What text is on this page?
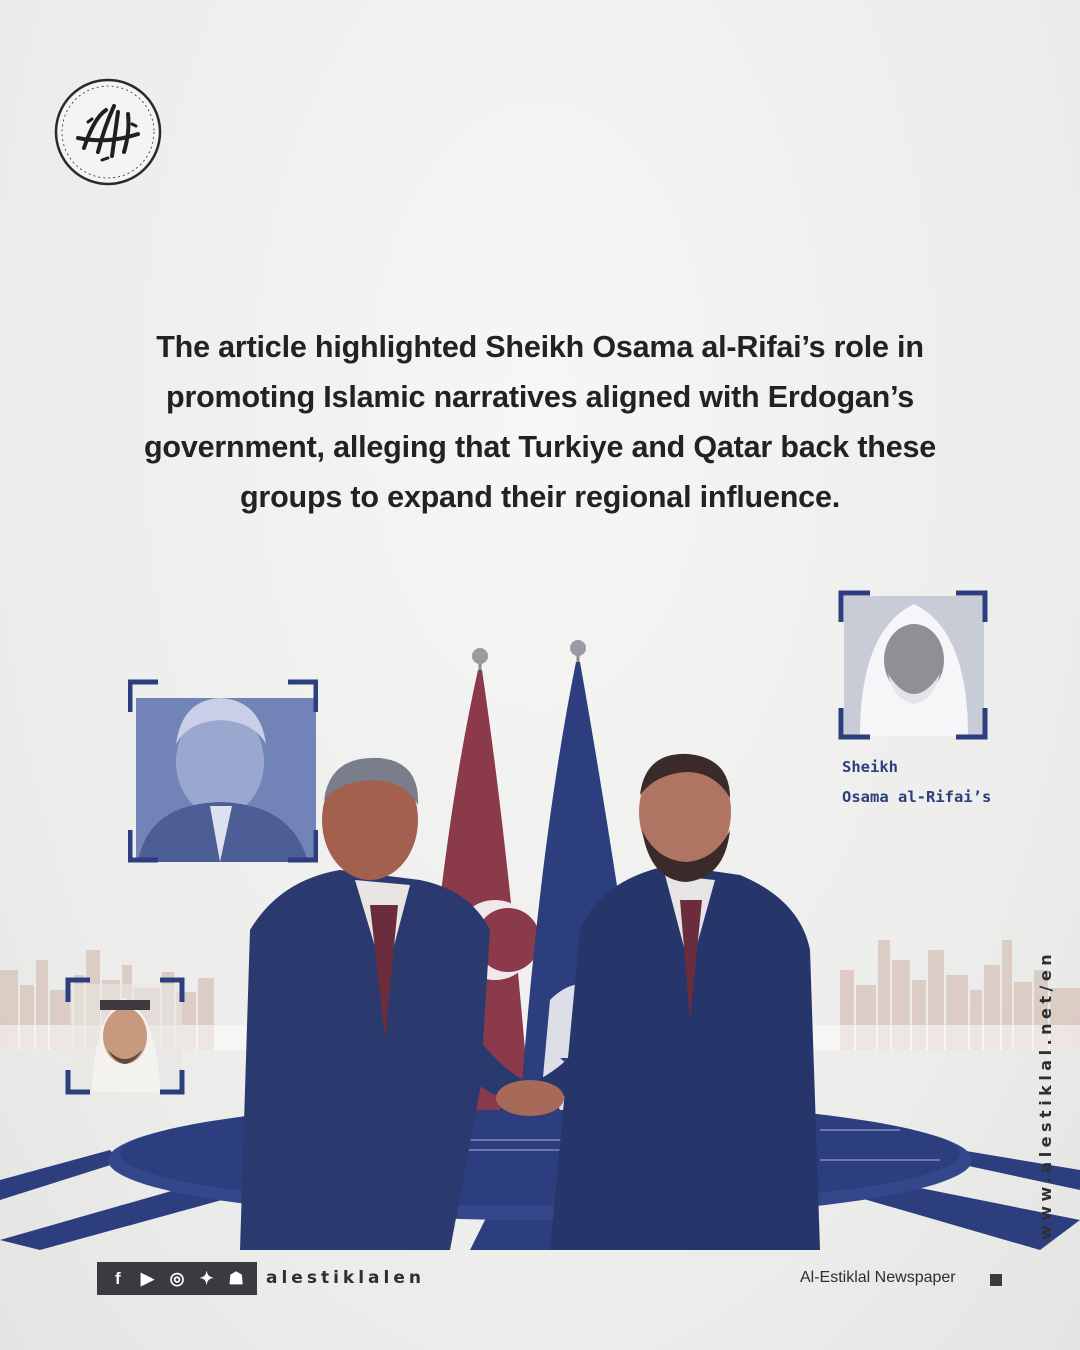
The article highlighted Sheikh Osama al-Rifai’s role in promoting Islamic narratives aligned with Erdogan’s government, alleging that Turkiye and Qatar back these groups to expand their regional influence.
Sheikh
Osama al-Rifai’s
www.alestiklal.net/en
f	▶ ◎ ✦ ☗ alestiklalen	Al-Estiklal Newspaper
